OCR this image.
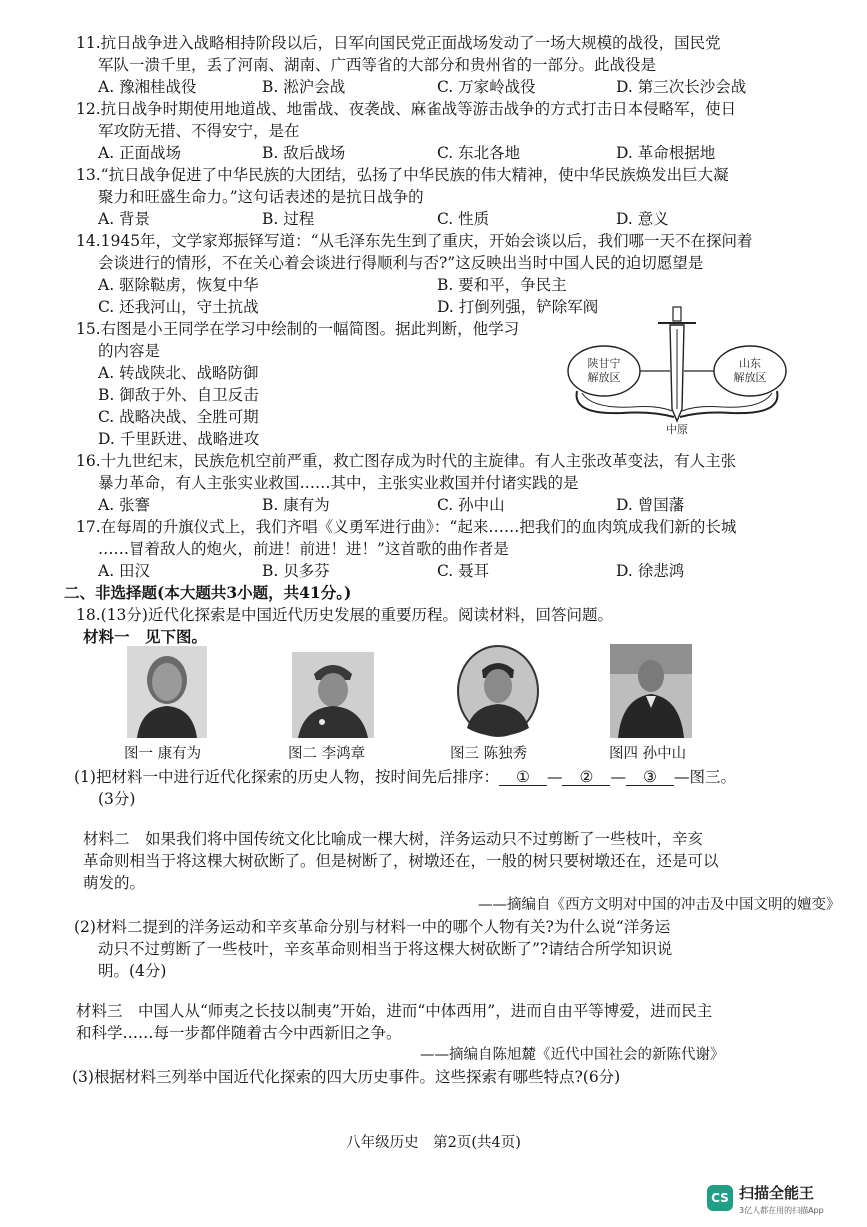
11.抗日战争进入战略相持阶段以后，日军向国民党正面战场发动了一场大规模的战役，国民党
军队一溃千里，丢了河南、湖南、广西等省的大部分和贵州省的一部分。此战役是
A. 豫湘桂战役	B. 淞沪会战	C. 万家岭战役	D. 第三次长沙会战
12.抗日战争时期使用地道战、地雷战、夜袭战、麻雀战等游击战争的方式打击日本侵略军，使日
军攻防无措、不得安宁，是在
A. 正面战场	B. 敌后战场	C. 东北各地	D. 革命根据地
13.“抗日战争促进了中华民族的大团结，弘扬了中华民族的伟大精神，使中华民族焕发出巨大凝
聚力和旺盛生命力。”这句话表述的是抗日战争的
A. 背景	B. 过程	C. 性质	D. 意义
14.1945年，文学家郑振铎写道：“从毛泽东先生到了重庆，开始会谈以后，我们哪一天不在探问着
会谈进行的情形，不在关心着会谈进行得顺利与否?”这反映出当时中国人民的迫切愿望是
A. 驱除鞑虏，恢复中华	B. 要和平，争民主
C. 还我河山，守土抗战	D. 打倒列强，铲除军阀
15.右图是小王同学在学习中绘制的一幅简图。据此判断，他学习
的内容是
A. 转战陕北、战略防御
B. 御敌于外、自卫反击
C. 战略决战、全胜可期
D. 千里跃进、战略进攻
陕甘宁
解放区
山东
解放区
中原
16.十九世纪末，民族危机空前严重，救亡图存成为时代的主旋律。有人主张改革变法，有人主张
暴力革命，有人主张实业救国……其中，主张实业救国并付诸实践的是
A. 张謇	B. 康有为	C. 孙中山	D. 曾国藩
17.在每周的升旗仪式上，我们齐唱《义勇军进行曲》：“起来……把我们的血肉筑成我们新的长城
……冒着敌人的炮火，前进！前进！进！”这首歌的曲作者是
A. 田汉	B. 贝多芬	C. 聂耳	D. 徐悲鸿
二、非选择题(本大题共3小题，共41分。)
18.(13分)近代化探索是中国近代历史发展的重要历程。阅读材料，回答问题。
材料一　见下图。
图一 康有为	图二 李鸿章	图三 陈独秀	图四 孙中山
(1)把材料一中进行近代化探索的历史人物，按时间先后排序： ① — ② — ③ —图三。
(3分)
材料二　如果我们将中国传统文化比喻成一棵大树，洋务运动只不过剪断了一些枝叶，辛亥
革命则相当于将这棵大树砍断了。但是树断了，树墩还在，一般的树只要树墩还在，还是可以
萌发的。
——摘编自《西方文明对中国的冲击及中国文明的嬗变》
(2)材料二提到的洋务运动和辛亥革命分别与材料一中的哪个人物有关?为什么说“洋务运
动只不过剪断了一些枝叶，辛亥革命则相当于将这棵大树砍断了”?请结合所学知识说
明。(4分)
材料三　中国人从“师夷之长技以制夷”开始，进而“中体西用”，进而自由平等博爱，进而民主
和科学……每一步都伴随着古今中西新旧之争。
——摘编自陈旭麓《近代中国社会的新陈代谢》
(3)根据材料三列举中国近代化探索的四大历史事件。这些探索有哪些特点?(6分)
八年级历史　第2页(共4页)
CS 扫描全能王
3亿人都在用的扫描App
